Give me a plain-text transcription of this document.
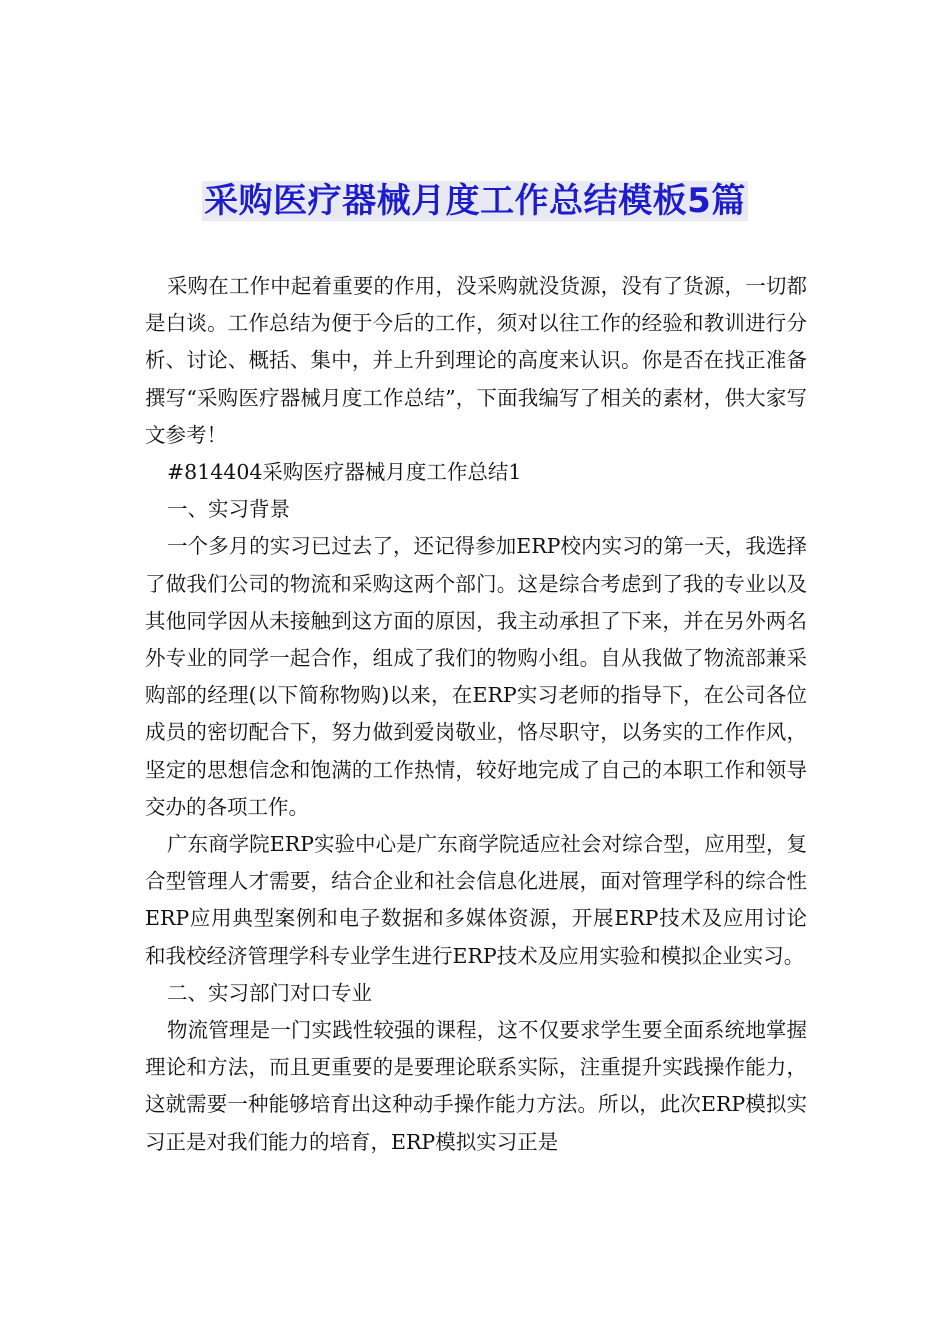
采购医疗器械月度工作总结模板5篇

采购在工作中起着重要的作用，没采购就没货源，没有了货源，一切都是白谈。工作总结为便于今后的工作，须对以往工作的经验和教训进行分析、讨论、概括、集中，并上升到理论的高度来认识。你是否在找正准备撰写“采购医疗器械月度工作总结”，下面我编写了相关的素材，供大家写文参考！

#814404采购医疗器械月度工作总结1

一、实习背景

一个多月的实习已过去了，还记得参加ERP校内实习的第一天，我选择了做我们公司的物流和采购这两个部门。这是综合考虑到了我的专业以及其他同学因从未接触到这方面的原因，我主动承担了下来，并在另外两名外专业的同学一起合作，组成了我们的物购小组。自从我做了物流部兼采购部的经理(以下简称物购)以来，在ERP实习老师的指导下，在公司各位成员的密切配合下，努力做到爱岗敬业，恪尽职守，以务实的工作作风，坚定的思想信念和饱满的工作热情，较好地完成了自己的本职工作和领导交办的各项工作。

广东商学院ERP实验中心是广东商学院适应社会对综合型，应用型，复合型管理人才需要，结合企业和社会信息化进展，面对管理学科的综合性ERP应用典型案例和电子数据和多媒体资源，开展ERP技术及应用讨论和我校经济管理学科专业学生进行ERP技术及应用实验和模拟企业实习。

二、实习部门对口专业

物流管理是一门实践性较强的课程，这不仅要求学生要全面系统地掌握理论和方法，而且更重要的是要理论联系实际，注重提升实践操作能力，这就需要一种能够培育出这种动手操作能力方法。所以，此次ERP模拟实习正是对我们能力的培育，ERP模拟实习正是
